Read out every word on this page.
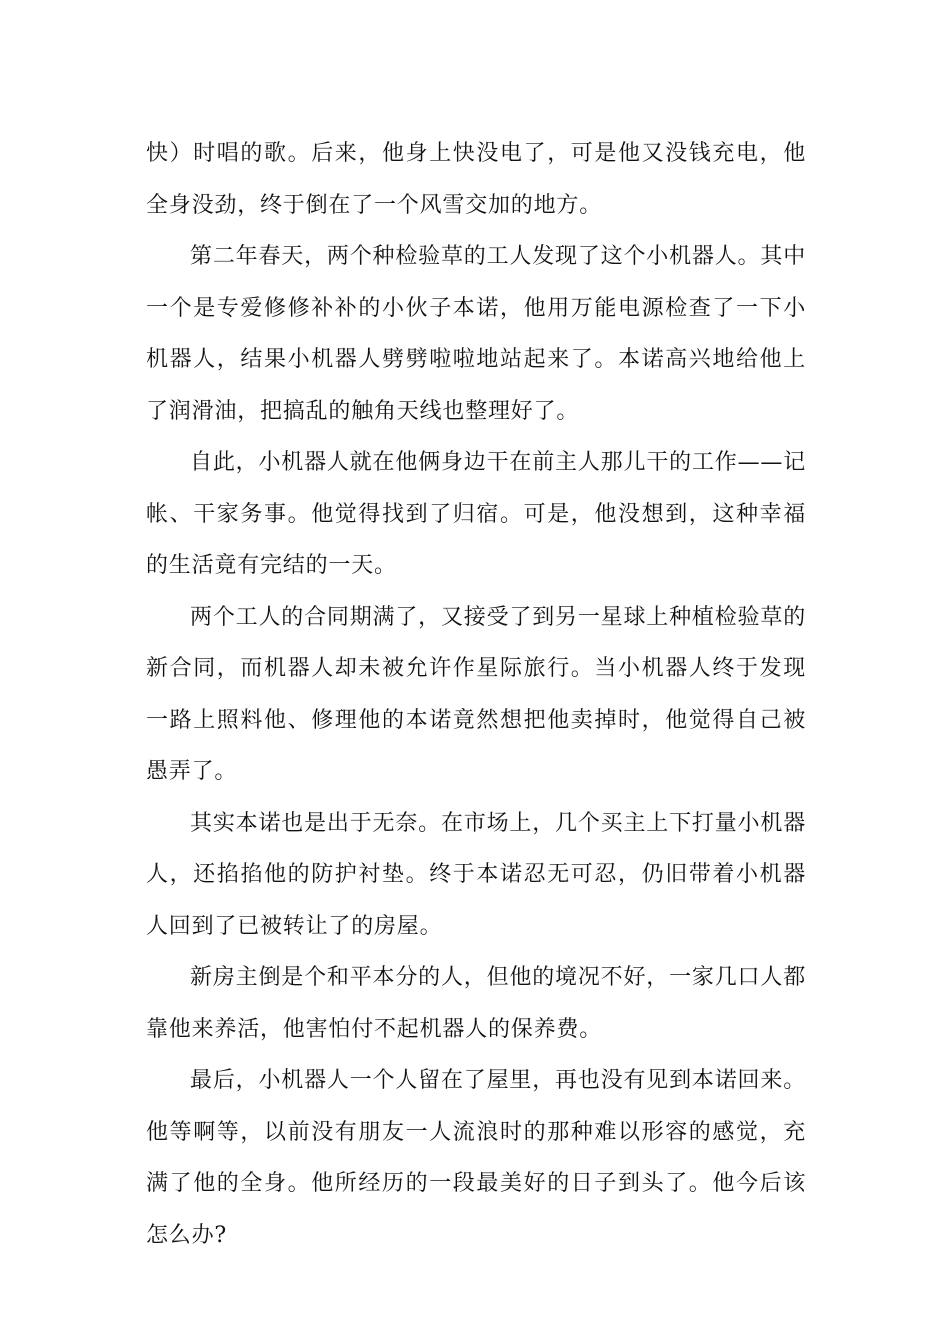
快）时唱的歌。后来，他身上快没电了，可是他又没钱充电，他全身没劲，终于倒在了一个风雪交加的地方。

第二年春天，两个种检验草的工人发现了这个小机器人。其中一个是专爱修修补补的小伙子本诺，他用万能电源检查了一下小机器人，结果小机器人劈劈啦啦地站起来了。本诺高兴地给他上了润滑油，把搞乱的触角天线也整理好了。

自此，小机器人就在他俩身边干在前主人那儿干的工作——记帐、干家务事。他觉得找到了归宿。可是，他没想到，这种幸福的生活竟有完结的一天。

两个工人的合同期满了，又接受了到另一星球上种植检验草的新合同，而机器人却未被允许作星际旅行。当小机器人终于发现一路上照料他、修理他的本诺竟然想把他卖掉时，他觉得自己被愚弄了。

其实本诺也是出于无奈。在市场上，几个买主上下打量小机器人，还掐掐他的防护衬垫。终于本诺忍无可忍，仍旧带着小机器人回到了已被转让了的房屋。

新房主倒是个和平本分的人，但他的境况不好，一家几口人都靠他来养活，他害怕付不起机器人的保养费。

最后，小机器人一个人留在了屋里，再也没有见到本诺回来。他等啊等，以前没有朋友一人流浪时的那种难以形容的感觉，充满了他的全身。他所经历的一段最美好的日子到头了。他今后该怎么办?
